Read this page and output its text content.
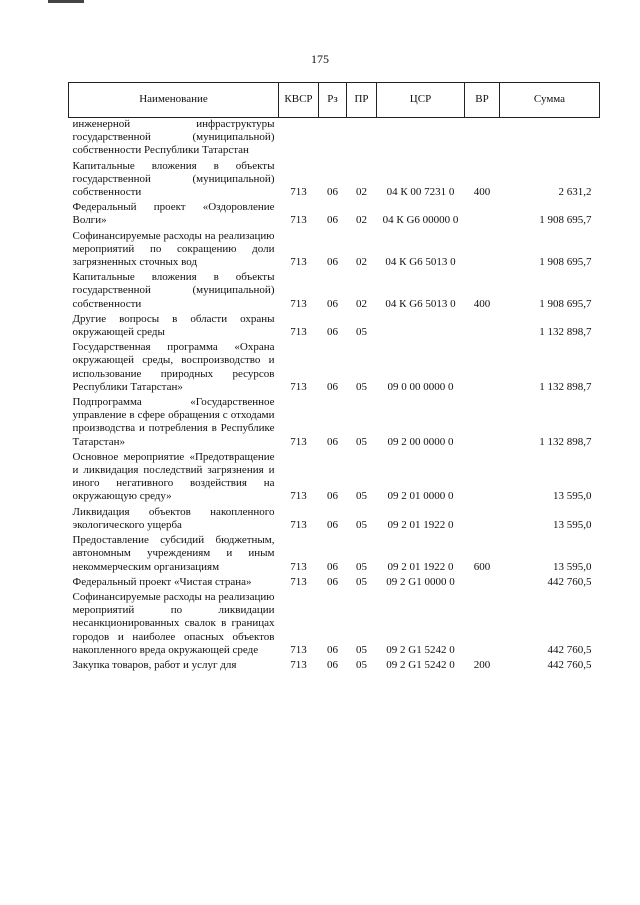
175
Наименование	КВСР	Рз	ПР	ЦСР	ВР	Сумма
инженерной инфраструктуры государственной (муниципальной) собственности Республики Татарстан						
Капитальные вложения в объекты государственной (муниципальной) собственности	713	06	02	04 К 00 7231 0	400	2 631,2
Федеральный проект «Оздоровление Волги»	713	06	02	04 К G6 00000 0		1 908 695,7
Софинансируемые расходы на реализацию мероприятий по сокращению доли загрязненных сточных вод	713	06	02	04 К G6 5013 0		1 908 695,7
Капитальные вложения в объекты государственной (муниципальной) собственности	713	06	02	04 К G6 5013 0	400	1 908 695,7
Другие вопросы в области охраны окружающей среды	713	06	05			1 132 898,7
Государственная программа «Охрана окружающей среды, воспроизводство и использование природных ресурсов Республики Татарстан»	713	06	05	09 0 00 0000 0		1 132 898,7
Подпрограмма «Государственное управление в сфере обращения с отходами производства и потребления в Республике Татарстан»	713	06	05	09 2 00 0000 0		1 132 898,7
Основное мероприятие «Предотвращение и ликвидация последствий загрязнения и иного негативного воздействия на окружающую среду»	713	06	05	09 2 01 0000 0		13 595,0
Ликвидация объектов накопленного экологического ущерба	713	06	05	09 2 01 1922 0		13 595,0
Предоставление субсидий бюджетным, автономным учреждениям и иным некоммерческим организациям	713	06	05	09 2 01 1922 0	600	13 595,0
Федеральный проект «Чистая страна»	713	06	05	09 2 G1 0000 0		442 760,5
Софинансируемые расходы на реализацию мероприятий по ликвидации несанкционированных свалок в границах городов и наиболее опасных объектов накопленного вреда окружающей среде	713	06	05	09 2 G1 5242 0		442 760,5
Закупка товаров, работ и услуг для	713	06	05	09 2 G1 5242 0	200	442 760,5
